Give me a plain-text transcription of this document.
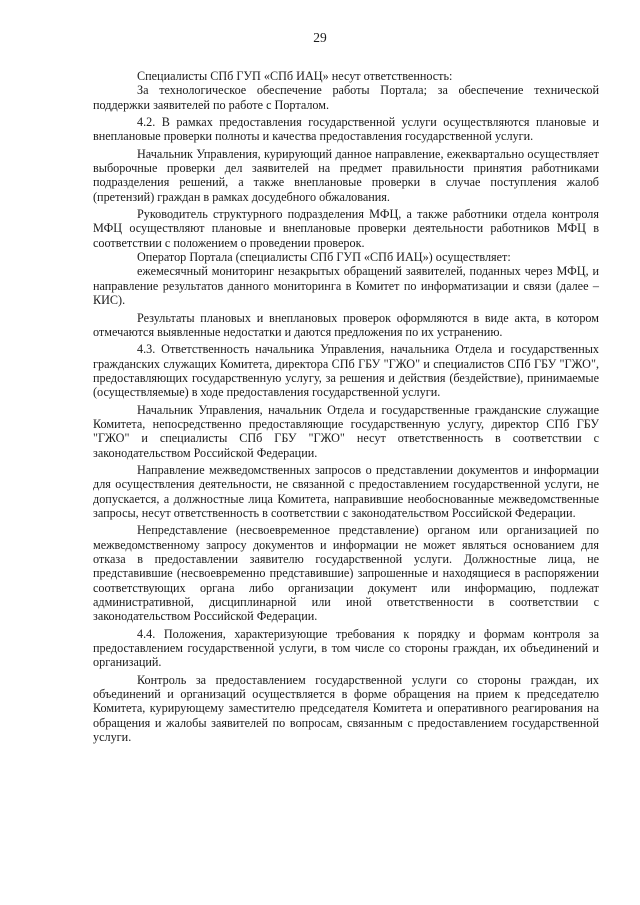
29

Специалисты СПб ГУП «СПб ИАЦ» несут ответственность:

За технологическое обеспечение работы Портала; за обеспечение технической поддержки заявителей по работе с Порталом.

4.2. В рамках предоставления государственной услуги осуществляются плановые и внеплановые проверки полноты и качества предоставления государственной услуги.

Начальник Управления, курирующий данное направление, ежеквартально осуществляет выборочные проверки дел заявителей на предмет правильности принятия работниками подразделения решений, а также внеплановые проверки в случае поступления жалоб (претензий) граждан в рамках досудебного обжалования.

Руководитель структурного подразделения МФЦ, а также работники отдела контроля МФЦ осуществляют плановые и внеплановые проверки деятельности работников МФЦ в соответствии с положением о проведении проверок.

Оператор Портала (специалисты СПб ГУП «СПб ИАЦ») осуществляет:

ежемесячный мониторинг незакрытых обращений заявителей, поданных через МФЦ, и направление результатов данного мониторинга в Комитет по информатизации и связи (далее – КИС).

Результаты плановых и внеплановых проверок оформляются в виде акта, в котором отмечаются выявленные недостатки и даются предложения по их устранению.

4.3. Ответственность начальника Управления, начальника Отдела и государственных гражданских служащих Комитета, директора СПб ГБУ "ГЖО" и специалистов СПб ГБУ "ГЖО", предоставляющих государственную услугу, за решения и действия (бездействие), принимаемые (осуществляемые) в ходе предоставления государственной услуги.

Начальник Управления, начальник Отдела и государственные гражданские служащие Комитета, непосредственно предоставляющие государственную услугу, директор СПб ГБУ "ГЖО" и специалисты СПб ГБУ "ГЖО" несут ответственность в соответствии с законодательством Российской Федерации.

Направление межведомственных запросов о представлении документов и информации для осуществления деятельности, не связанной с предоставлением государственной услуги, не допускается, а должностные лица Комитета, направившие необоснованные межведомственные запросы, несут ответственность в соответствии с законодательством Российской Федерации.

Непредставление (несвоевременное представление) органом или организацией по межведомственному запросу документов и информации не может являться основанием для отказа в предоставлении заявителю государственной услуги. Должностные лица, не представившие (несвоевременно представившие) запрошенные и находящиеся в распоряжении соответствующих органа либо организации документ или информацию, подлежат административной, дисциплинарной или иной ответственности в соответствии с законодательством Российской Федерации.

4.4. Положения, характеризующие требования к порядку и формам контроля за предоставлением государственной услуги, в том числе со стороны граждан, их объединений и организаций.

Контроль за предоставлением государственной услуги со стороны граждан, их объединений и организаций осуществляется в форме обращения на прием к председателю Комитета, курирующему заместителю председателя Комитета и оперативного реагирования на обращения и жалобы заявителей по вопросам, связанным с предоставлением государственной услуги.
